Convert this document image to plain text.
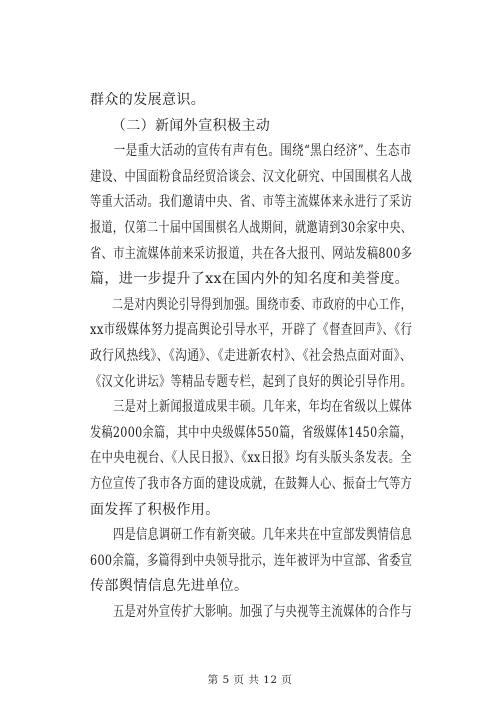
群众的发展意识。
　　（二）新闻外宣积极主动
　　一是重大活动的宣传有声有色。围绕“黑白经济”、生态市
建设、中国面粉食品经贸洽谈会、汉文化研究、中国围棋名人战
等重大活动。我们邀请中央、省、市等主流媒体来永进行了采访
报道，仅第二十届中国围棋名人战期间，就邀请到30余家中央、
省、市主流媒体前来采访报道，共在各大报刊、网站发稿800多
篇，进一步提升了xx在国内外的知名度和美誉度。
　　二是对内舆论引导得到加强。围绕市委、市政府的中心工作，
xx市级媒体努力提高舆论引导水平，开辟了《督查回声》、《行
政行风热线》、《沟通》、《走进新农村》、《社会热点面对面》、
《汉文化讲坛》等精品专题专栏，起到了良好的舆论引导作用。
　　三是对上新闻报道成果丰硕。几年来，年均在省级以上媒体
发稿2000余篇，其中中央级媒体550篇，省级媒体1450余篇，
在中央电视台、《人民日报》、《xx日报》均有头版头条发表。全
方位宣传了我市各方面的建设成就，在鼓舞人心、振奋士气等方
面发挥了积极作用。
　　四是信息调研工作有新突破。几年来共在中宣部发舆情信息
600余篇，多篇得到中央领导批示，连年被评为中宣部、省委宣
传部舆情信息先进单位。
　　五是对外宣传扩大影响。加强了与央视等主流媒体的合作与
第 5 页 共 12 页
